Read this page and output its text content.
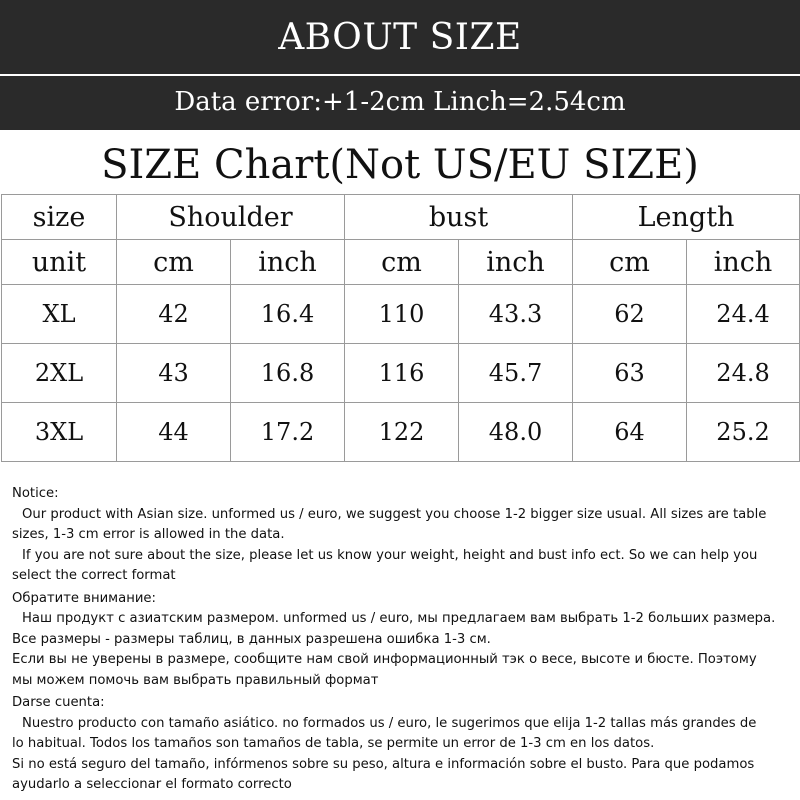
ABOUT SIZE
Data error:+1-2cm Linch=2.54cm
SIZE Chart(Not US/EU SIZE)
size	Shoulder		bust		Length	
unit	cm	inch	cm	inch	cm	inch
XL	42	16.4	110	43.3	62	24.4
2XL	43	16.8	116	45.7	63	24.8
3XL	44	17.2	122	48.0	64	25.2
Notice:
Our product with Asian size. unformed us / euro, we suggest you choose 1-2 bigger size usual. All sizes are table
sizes, 1-3 cm error is allowed in the data.
If you are not sure about the size, please let us know your weight, height and bust info ect. So we can help you
select the correct format
Обратите внимание:
Наш продукт с азиатским размером. unformed us / euro, мы предлагаем вам выбрать 1-2 больших размера.
Все размеры - размеры таблиц, в данных разрешена ошибка 1-3 см.
Если вы не уверены в размере, сообщите нам свой информационный тэк о весе, высоте и бюсте. Поэтому
мы можем помочь вам выбрать правильный формат
Darse cuenta:
Nuestro producto con tamaño asiático. no formados us / euro, le sugerimos que elija 1-2 tallas más grandes de
lo habitual. Todos los tamaños son tamaños de tabla, se permite un error de 1-3 cm en los datos.
Si no está seguro del tamaño, infórmenos sobre su peso, altura e información sobre el busto. Para que podamos
ayudarlo a seleccionar el formato correcto
